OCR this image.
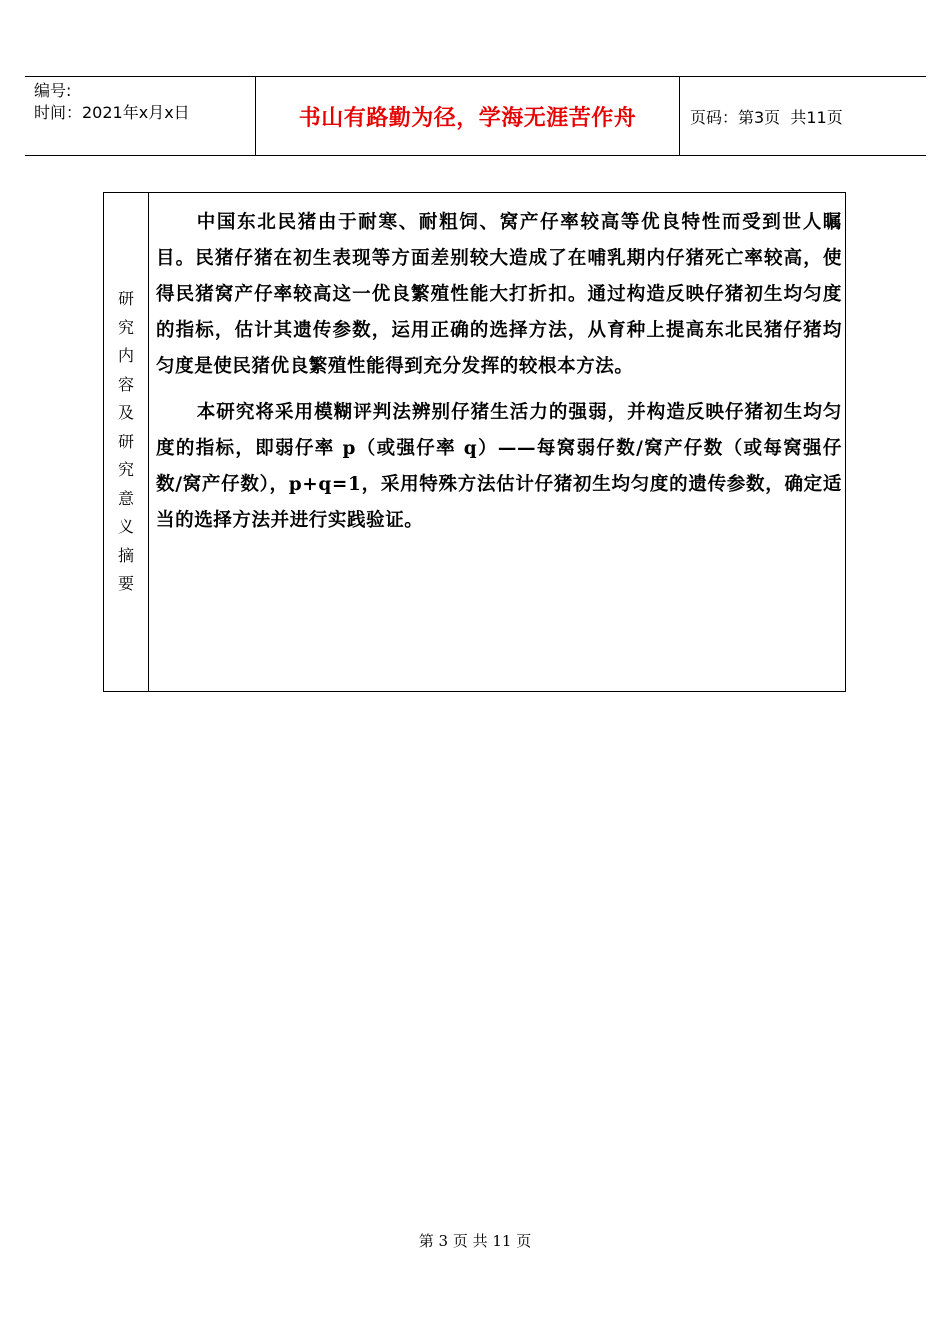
编号:
时间：2021年x月x日	书山有路勤为径，学海无涯苦作舟	页码：第3页  共11页
研
究
内
容
及
研
究
意
义
摘
要

中国东北民猪由于耐寒、耐粗饲、窝产仔率较高等优良特性而受到世人瞩目。民猪仔猪在初生表现等方面差别较大造成了在哺乳期内仔猪死亡率较高，使得民猪窝产仔率较高这一优良繁殖性能大打折扣。通过构造反映仔猪初生均匀度的指标，估计其遗传参数，运用正确的选择方法，从育种上提高东北民猪仔猪均匀度是使民猪优良繁殖性能得到充分发挥的较根本方法。

本研究将采用模糊评判法辨别仔猪生活力的强弱，并构造反映仔猪初生均匀度的指标，即弱仔率 p（或强仔率 q）——每窝弱仔数/窝产仔数（或每窝强仔数/窝产仔数），p+q=1，采用特殊方法估计仔猪初生均匀度的遗传参数，确定适当的选择方法并进行实践验证。

第 3 页 共 11 页
